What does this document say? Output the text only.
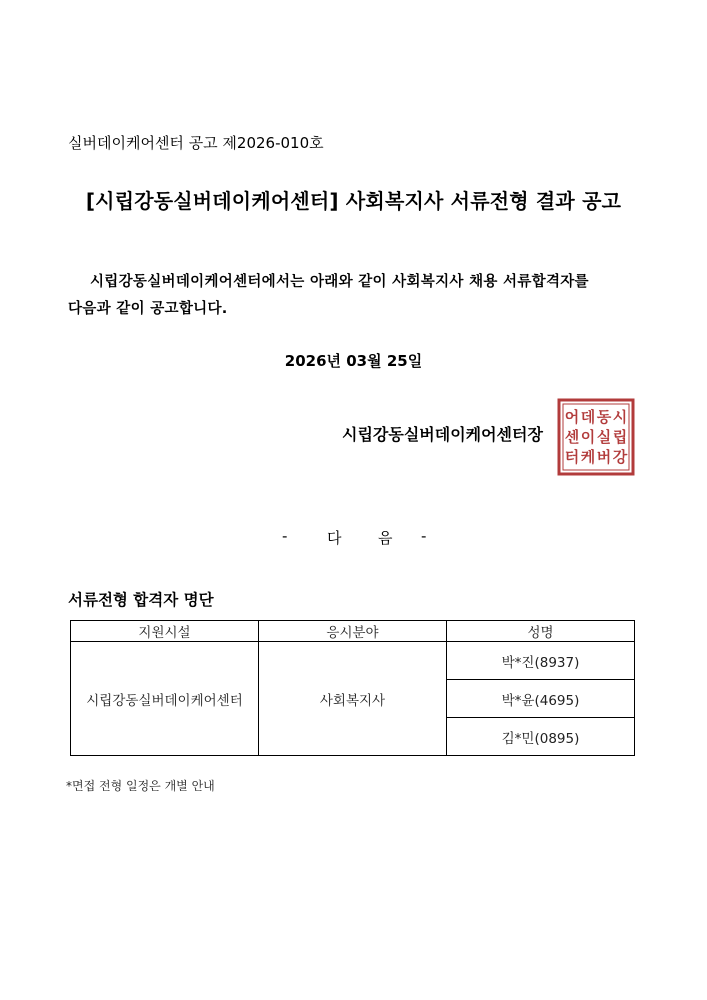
실버데이케어센터 공고 제2026-010호
[시립강동실버데이케어센터] 사회복지사 서류전형 결과 공고
시립강동실버데이케어센터에서는 아래와 같이 사회복지사 채용 서류합격자를
다음과 같이 공고합니다.
2026년 03월 25일
시립강동실버데이케어센터장
시
립
강
동
실
버
데
이
케
어
센
터
-	다 음 -
서류전형 합격자 명단
지원시설	응시분야	성명
시립강동실버데이케어센터	사회복지사	박*진(8937)
		박*윤(4695)
		김*민(0895)
*면접 전형 일정은 개별 안내
